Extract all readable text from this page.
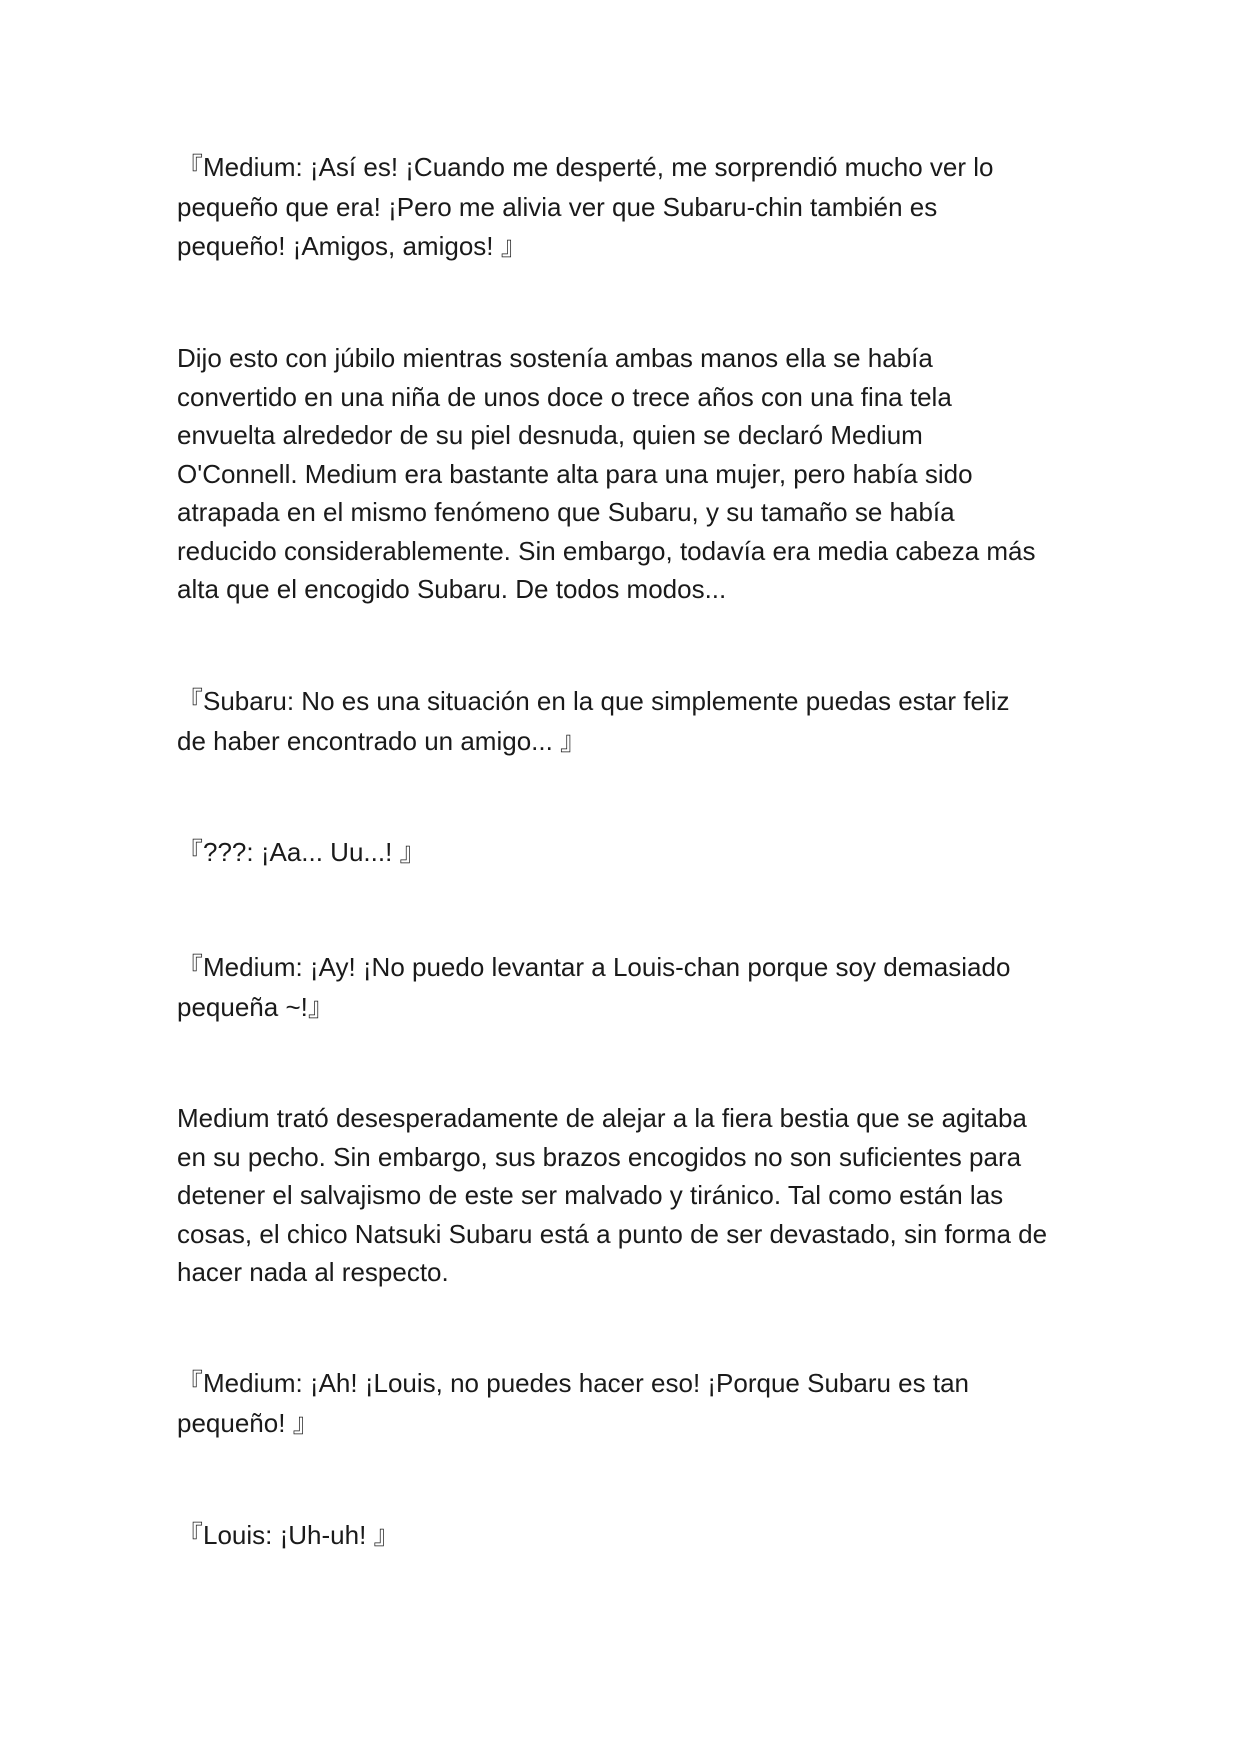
『Medium: ¡Así es! ¡Cuando me desperté, me sorprendió mucho ver lo
pequeño que era! ¡Pero me alivia ver que Subaru-chin también es
pequeño! ¡Amigos, amigos! 』

Dijo esto con júbilo mientras sostenía ambas manos ella se había
convertido en una niña de unos doce o trece años con una fina tela
envuelta alrededor de su piel desnuda, quien se declaró Medium
O'Connell. Medium era bastante alta para una mujer, pero había sido
atrapada en el mismo fenómeno que Subaru, y su tamaño se había
reducido considerablemente. Sin embargo, todavía era media cabeza más
alta que el encogido Subaru. De todos modos...

『Subaru: No es una situación en la que simplemente puedas estar feliz
de haber encontrado un amigo... 』

『???: ¡Aa... Uu...! 』

『Medium: ¡Ay! ¡No puedo levantar a Louis-chan porque soy demasiado
pequeña ~!』

Medium trató desesperadamente de alejar a la fiera bestia que se agitaba
en su pecho. Sin embargo, sus brazos encogidos no son suficientes para
detener el salvajismo de este ser malvado y tiránico. Tal como están las
cosas, el chico Natsuki Subaru está a punto de ser devastado, sin forma de
hacer nada al respecto.

『Medium: ¡Ah! ¡Louis, no puedes hacer eso! ¡Porque Subaru es tan
pequeño! 』

『Louis: ¡Uh-uh! 』
